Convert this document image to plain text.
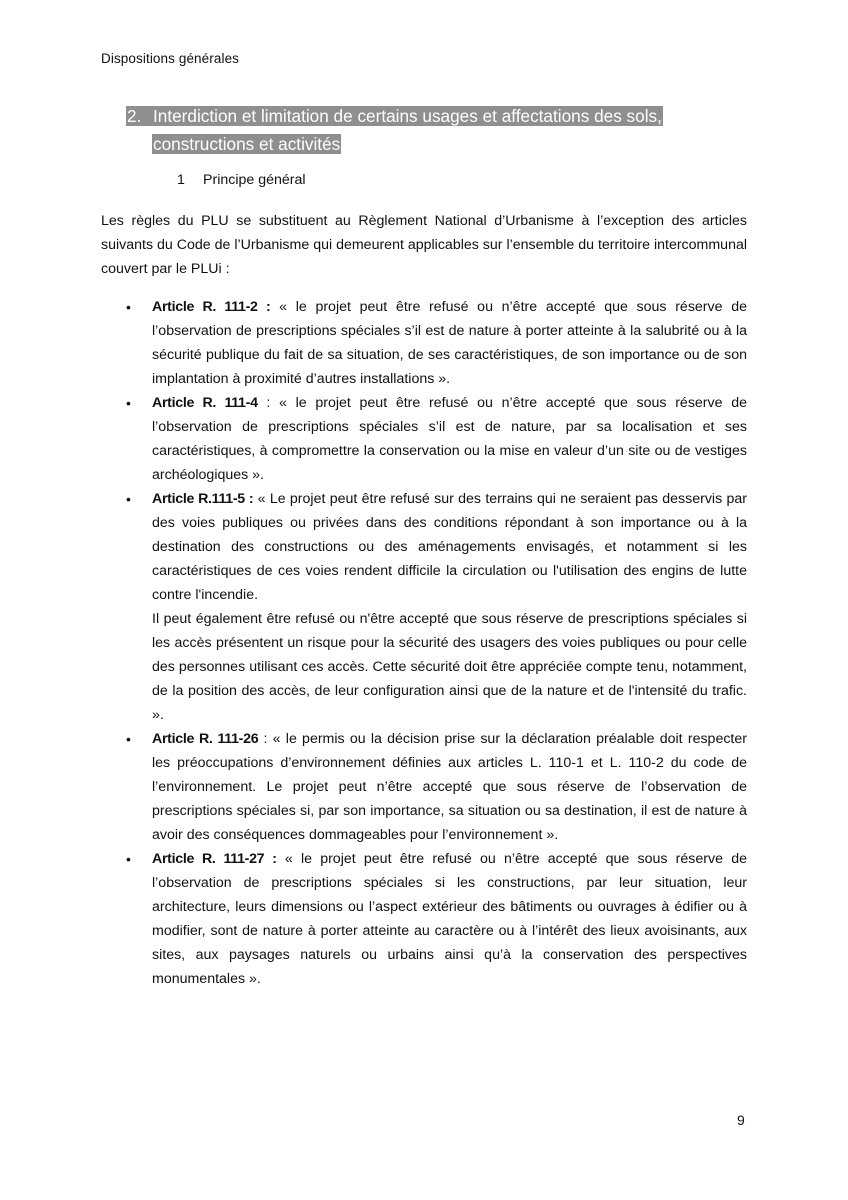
Dispositions générales
2. Interdiction et limitation de certains usages et affectations des sols,
constructions et activités
1 Principe général

Les règles du PLU se substituent au Règlement National d’Urbanisme à l’exception des articles suivants du Code de l’Urbanisme qui demeurent applicables sur l’ensemble du territoire intercommunal couvert par le PLUi :

• Article R. 111-2 : « le projet peut être refusé ou n’être accepté que sous réserve de l’observation de prescriptions spéciales s’il est de nature à porter atteinte à la salubrité ou à la sécurité publique du fait de sa situation, de ses caractéristiques, de son importance ou de son implantation à proximité d’autres installations ».
• Article R. 111-4 : « le projet peut être refusé ou n’être accepté que sous réserve de l’observation de prescriptions spéciales s’il est de nature, par sa localisation et ses caractéristiques, à compromettre la conservation ou la mise en valeur d’un site ou de vestiges archéologiques ».
• Article R.111-5 : « Le projet peut être refusé sur des terrains qui ne seraient pas desservis par des voies publiques ou privées dans des conditions répondant à son importance ou à la destination des constructions ou des aménagements envisagés, et notamment si les caractéristiques de ces voies rendent difficile la circulation ou l'utilisation des engins de lutte contre l'incendie.
Il peut également être refusé ou n'être accepté que sous réserve de prescriptions spéciales si les accès présentent un risque pour la sécurité des usagers des voies publiques ou pour celle des personnes utilisant ces accès. Cette sécurité doit être appréciée compte tenu, notamment, de la position des accès, de leur configuration ainsi que de la nature et de l'intensité du trafic. ».
• Article R. 111-26 : « le permis ou la décision prise sur la déclaration préalable doit respecter les préoccupations d’environnement définies aux articles L. 110-1 et L. 110-2 du code de l’environnement. Le projet peut n’être accepté que sous réserve de l’observation de prescriptions spéciales si, par son importance, sa situation ou sa destination, il est de nature à avoir des conséquences dommageables pour l’environnement ».
• Article R. 111-27 : « le projet peut être refusé ou n’être accepté que sous réserve de l’observation de prescriptions spéciales si les constructions, par leur situation, leur architecture, leurs dimensions ou l’aspect extérieur des bâtiments ou ouvrages à édifier ou à modifier, sont de nature à porter atteinte au caractère ou à l’intérêt des lieux avoisinants, aux sites, aux paysages naturels ou urbains ainsi qu’à la conservation des perspectives monumentales ».
9
